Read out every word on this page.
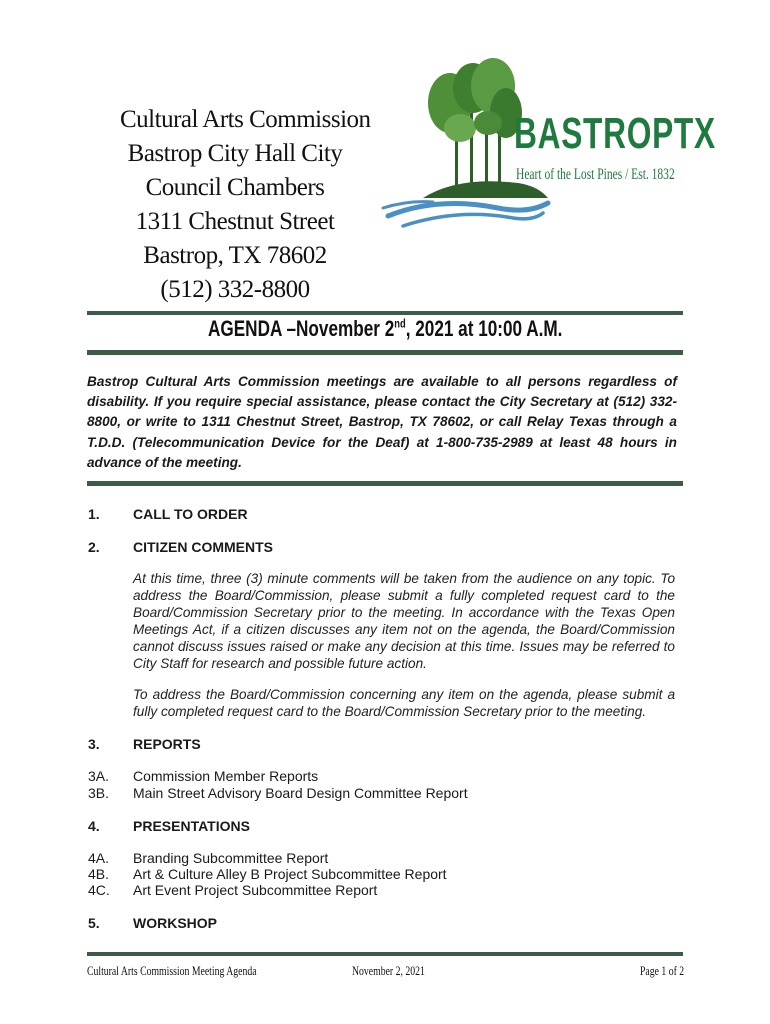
Cultural Arts Commission
Bastrop City Hall City
Council Chambers
1311 Chestnut Street
Bastrop, TX 78602
(512) 332-8800
BASTROPTX
Heart of the Lost Pines / Est. 1832
AGENDA –November 2nd, 2021 at 10:00 A.M.
Bastrop Cultural Arts Commission meetings are available to all persons regardless of disability. If you require special assistance, please contact the City Secretary at (512) 332-8800, or write to 1311 Chestnut Street, Bastrop, TX 78602, or call Relay Texas through a T.D.D. (Telecommunication Device for the Deaf) at 1-800-735-2989 at least 48 hours in advance of the meeting.
1. CALL TO ORDER
2. CITIZEN COMMENTS
At this time, three (3) minute comments will be taken from the audience on any topic. To address the Board/Commission, please submit a fully completed request card to the Board/Commission Secretary prior to the meeting. In accordance with the Texas Open Meetings Act, if a citizen discusses any item not on the agenda, the Board/Commission cannot discuss issues raised or make any decision at this time. Issues may be referred to City Staff for research and possible future action.
To address the Board/Commission concerning any item on the agenda, please submit a fully completed request card to the Board/Commission Secretary prior to the meeting.
3. REPORTS
3A. Commission Member Reports
3B. Main Street Advisory Board Design Committee Report
4. PRESENTATIONS
4A. Branding Subcommittee Report
4B. Art & Culture Alley B Project Subcommittee Report
4C. Art Event Project Subcommittee Report
5. WORKSHOP
Cultural Arts Commission Meeting Agenda	November 2, 2021	Page 1 of 2
